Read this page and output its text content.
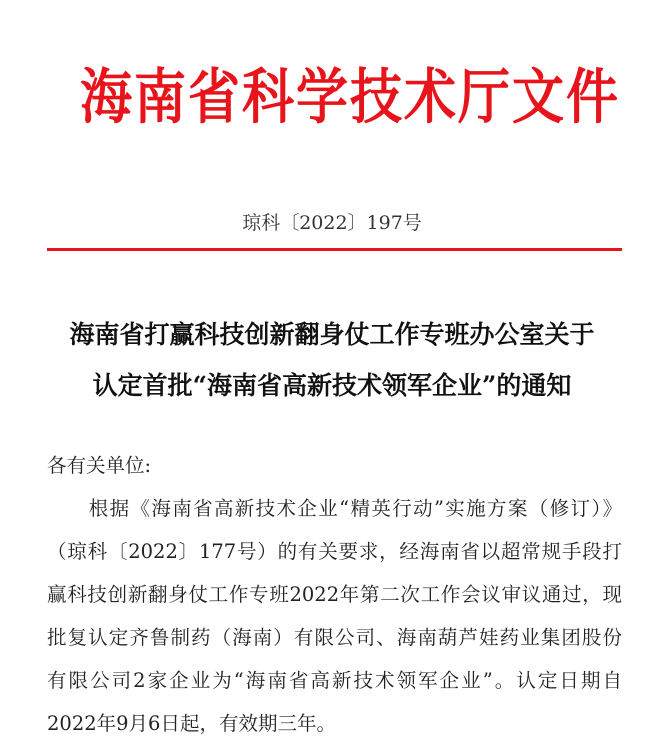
海南省科学技术厅文件
琼科〔2022〕197号
海南省打赢科技创新翻身仗工作专班办公室关于
认定首批“海南省高新技术领军企业”的通知
各有关单位:
　　根据《海南省高新技术企业“精英行动”实施方案（修订）》
（琼科〔2022〕177号）的有关要求，经海南省以超常规手段打
赢科技创新翻身仗工作专班2022年第二次工作会议审议通过，现
批复认定齐鲁制药（海南）有限公司、海南葫芦娃药业集团股份
有限公司2家企业为“海南省高新技术领军企业”。认定日期自
2022年9月6日起，有效期三年。
